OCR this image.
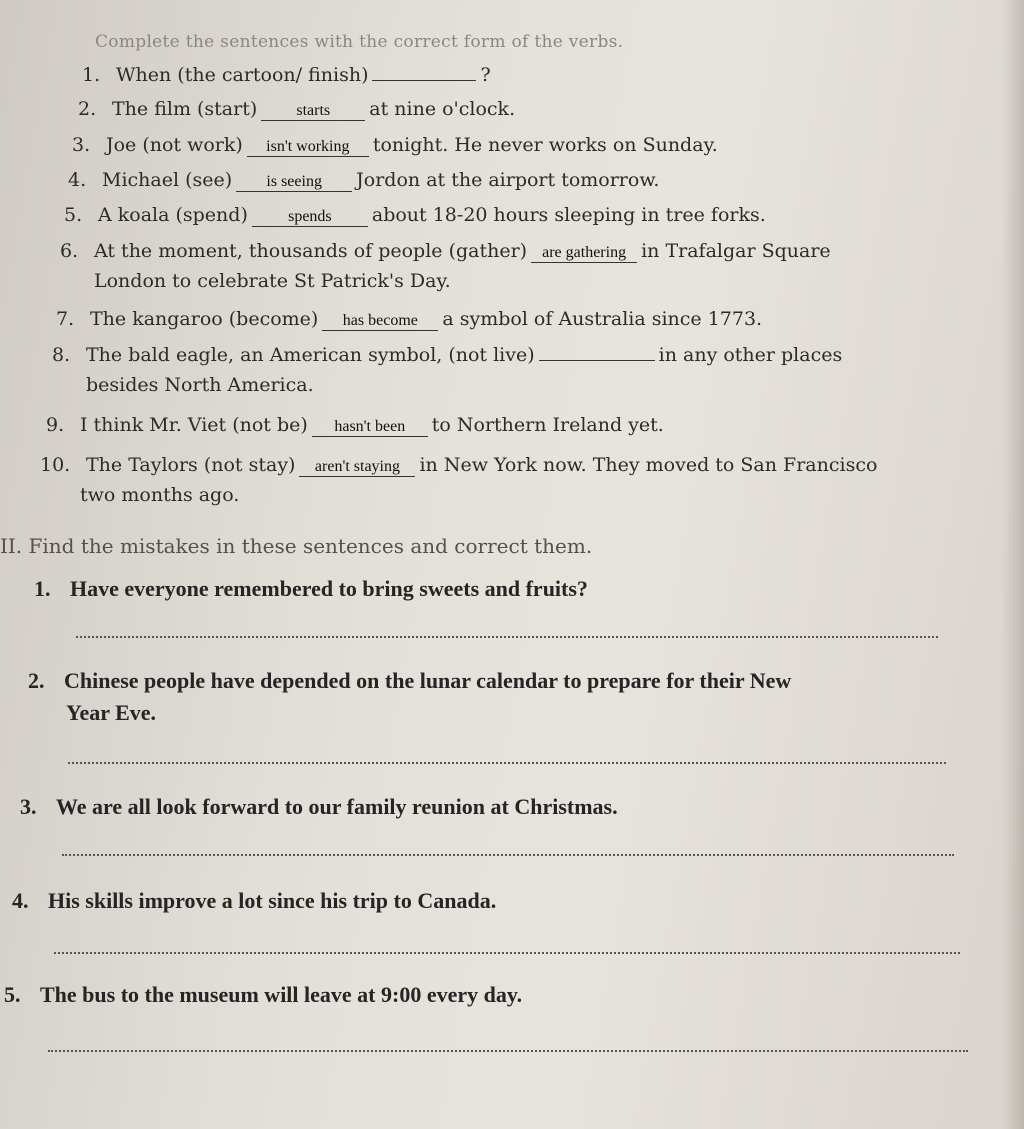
Complete the sentences with the correct form of the verbs.
1. When (the cartoon/ finish)	?
2. The film (start) starts at nine o'clock.
3. Joe (not work) isn't working tonight. He never works on Sunday.
4. Michael (see) is seeing Jordon at the airport tomorrow.
5. A koala (spend)	spends about 18-20 hours sleeping in tree forks.
6. At the moment, thousands of people (gather) are gathering in Trafalgar Square
London to celebrate St Patrick's Day.
7. The kangaroo (become) has become a symbol of Australia since 1773.
8. The bald eagle, an American symbol, (not live)	in any other places
besides North America.
9. I think Mr. Viet (not be) hasn't been to Northern Ireland yet.
10. The Taylors (not stay) aren't staying in New York now. They moved to San Francisco
two months ago.
II. Find the mistakes in these sentences and correct them.
1. Have everyone remembered to bring sweets and fruits?
2. Chinese people have depended on the lunar calendar to prepare for their New
Year Eve.
3. We are all look forward to our family reunion at Christmas.
4. His skills improve a lot since his trip to Canada.
5. The bus to the museum will leave at 9:00 every day.
